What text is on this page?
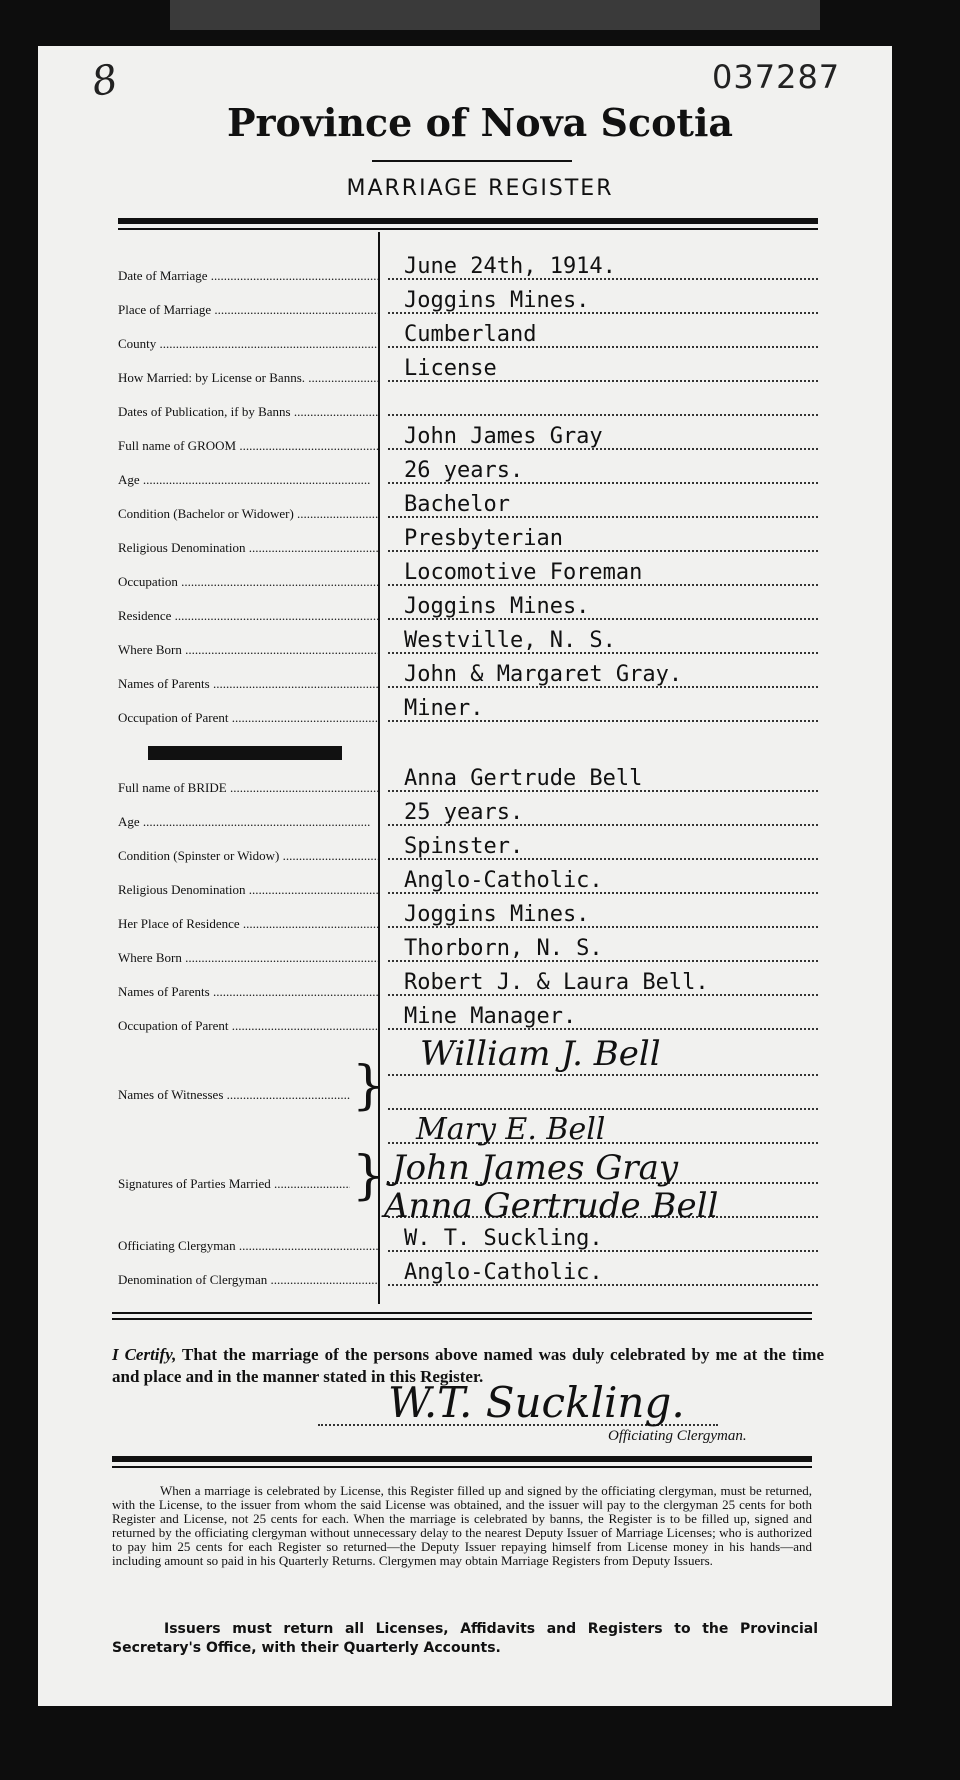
8	037287
Province of Nova Scotia
MARRIAGE REGISTER
Date of Marriage .....	June 24th, 1914.
Place of Marriage .....	Joggins Mines.
County .....	Cumberland
How Married: by License or Banns. .....	License
Dates of Publication, if by Banns .....
Full name of GROOM .....	John James Gray
Age .....	26 years.
Condition (Bachelor or Widower) .....	Bachelor
Religious Denomination .....	Presbyterian
Occupation .....	Locomotive Foreman
Residence .....	Joggins Mines.
Where Born .....	Westville, N. S.
Names of Parents .....	John & Margaret Gray.
Occupation of Parent .....	Miner.
Full name of BRIDE .....	Anna Gertrude Bell
Age .....	25 years.
Condition (Spinster or Widow) .....	Spinster.
Religious Denomination .....	Anglo-Catholic.
Her Place of Residence .....	Joggins Mines.
Where Born .....	Thorborn, N. S.
Names of Parents .....	Robert J. & Laura Bell.
Occupation of Parent .....	Mine Manager.
Names of Witnesses .....	}
William J. Bell
Mary E. Bell
Signatures of Parties Married .....	} John James Gray
Anna Gertrude Bell
Officiating Clergyman .....	W. T. Suckling.
Denomination of Clergyman .....	Anglo-Catholic.
I Certify, That the marriage of the persons above named was duly celebrated by me at the time and place and in the manner stated in this Register.
W.T. Suckling.
Officiating Clergyman.
When a marriage is celebrated by License, this Register filled up and signed by the officiating clergyman, must be returned, with the License, to the issuer from whom the said License was obtained, and the issuer will pay to the clergyman 25 cents for both Register and License, not 25 cents for each. When the marriage is celebrated by banns, the Register is to be filled up, signed and returned by the officiating clergyman without unnecessary delay to the nearest Deputy Issuer of Marriage Licenses; who is authorized to pay him 25 cents for each Register so returned—the Deputy Issuer repaying himself from License money in his hands—and including amount so paid in his Quarterly Returns. Clergymen may obtain Marriage Registers from Deputy Issuers.
Issuers must return all Licenses, Affidavits and Registers to the Provincial Secretary's Office, with their Quarterly Accounts.
